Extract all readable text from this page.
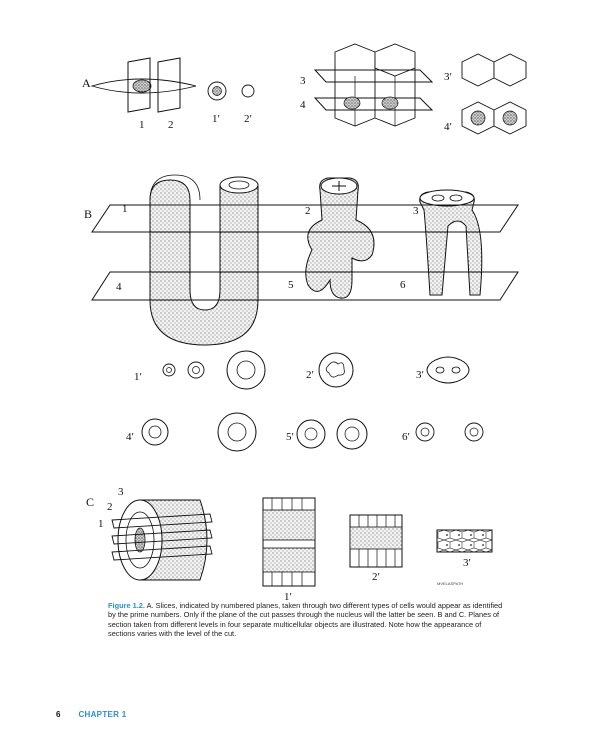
A
1 2	1′ 2′
3
4
3′
4′
B	1	2	3
4	5	6
1′	2′	3′
4′	5′	6′
C
3
2
1
1′
2′
3′
MVELASPATH
Figure 1.2. A. Slices, indicated by numbered planes, taken through two different types of cells would appear as identified by the prime numbers. Only if the plane of the cut passes through the nucleus will the latter be seen. B and C. Planes of section taken from different levels in four separate multicellular objects are illustrated. Note how the appearance of sections varies with the level of the cut.
6 CHAPTER 1
